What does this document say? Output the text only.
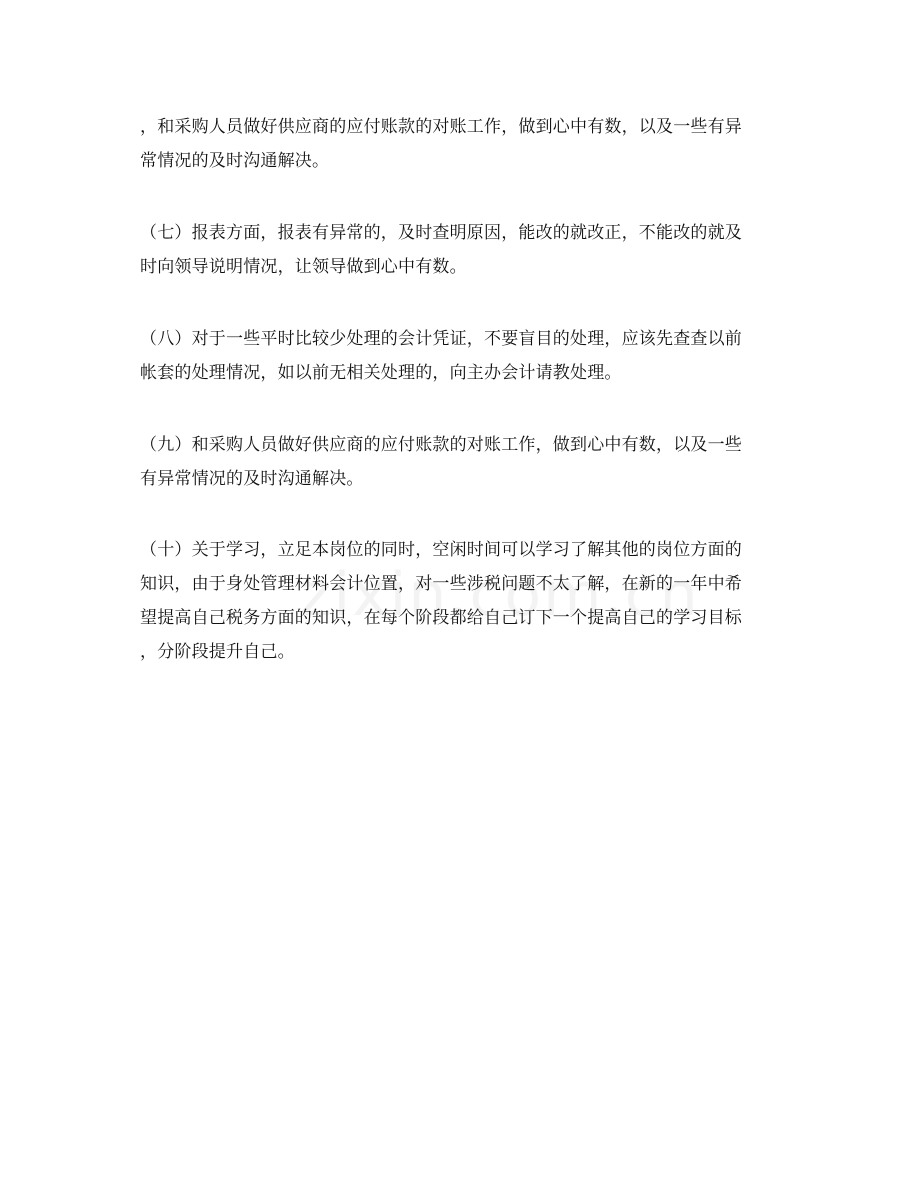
，和采购人员做好供应商的应付账款的对账工作，做到心中有数，以及一些有异
常情况的及时沟通解决。
（七）报表方面，报表有异常的，及时查明原因，能改的就改正，不能改的就及
时向领导说明情况，让领导做到心中有数。
（八）对于一些平时比较少处理的会计凭证，不要盲目的处理，应该先查查以前
帐套的处理情况，如以前无相关处理的，向主办会计请教处理。
（九）和采购人员做好供应商的应付账款的对账工作，做到心中有数，以及一些
有异常情况的及时沟通解决。
（十）关于学习，立足本岗位的同时，空闲时间可以学习了解其他的岗位方面的
知识，由于身处管理材料会计位置，对一些涉税问题不太了解，在新的一年中希
望提高自己税务方面的知识，在每个阶段都给自己订下一个提高自己的学习目标
，分阶段提升自己。
